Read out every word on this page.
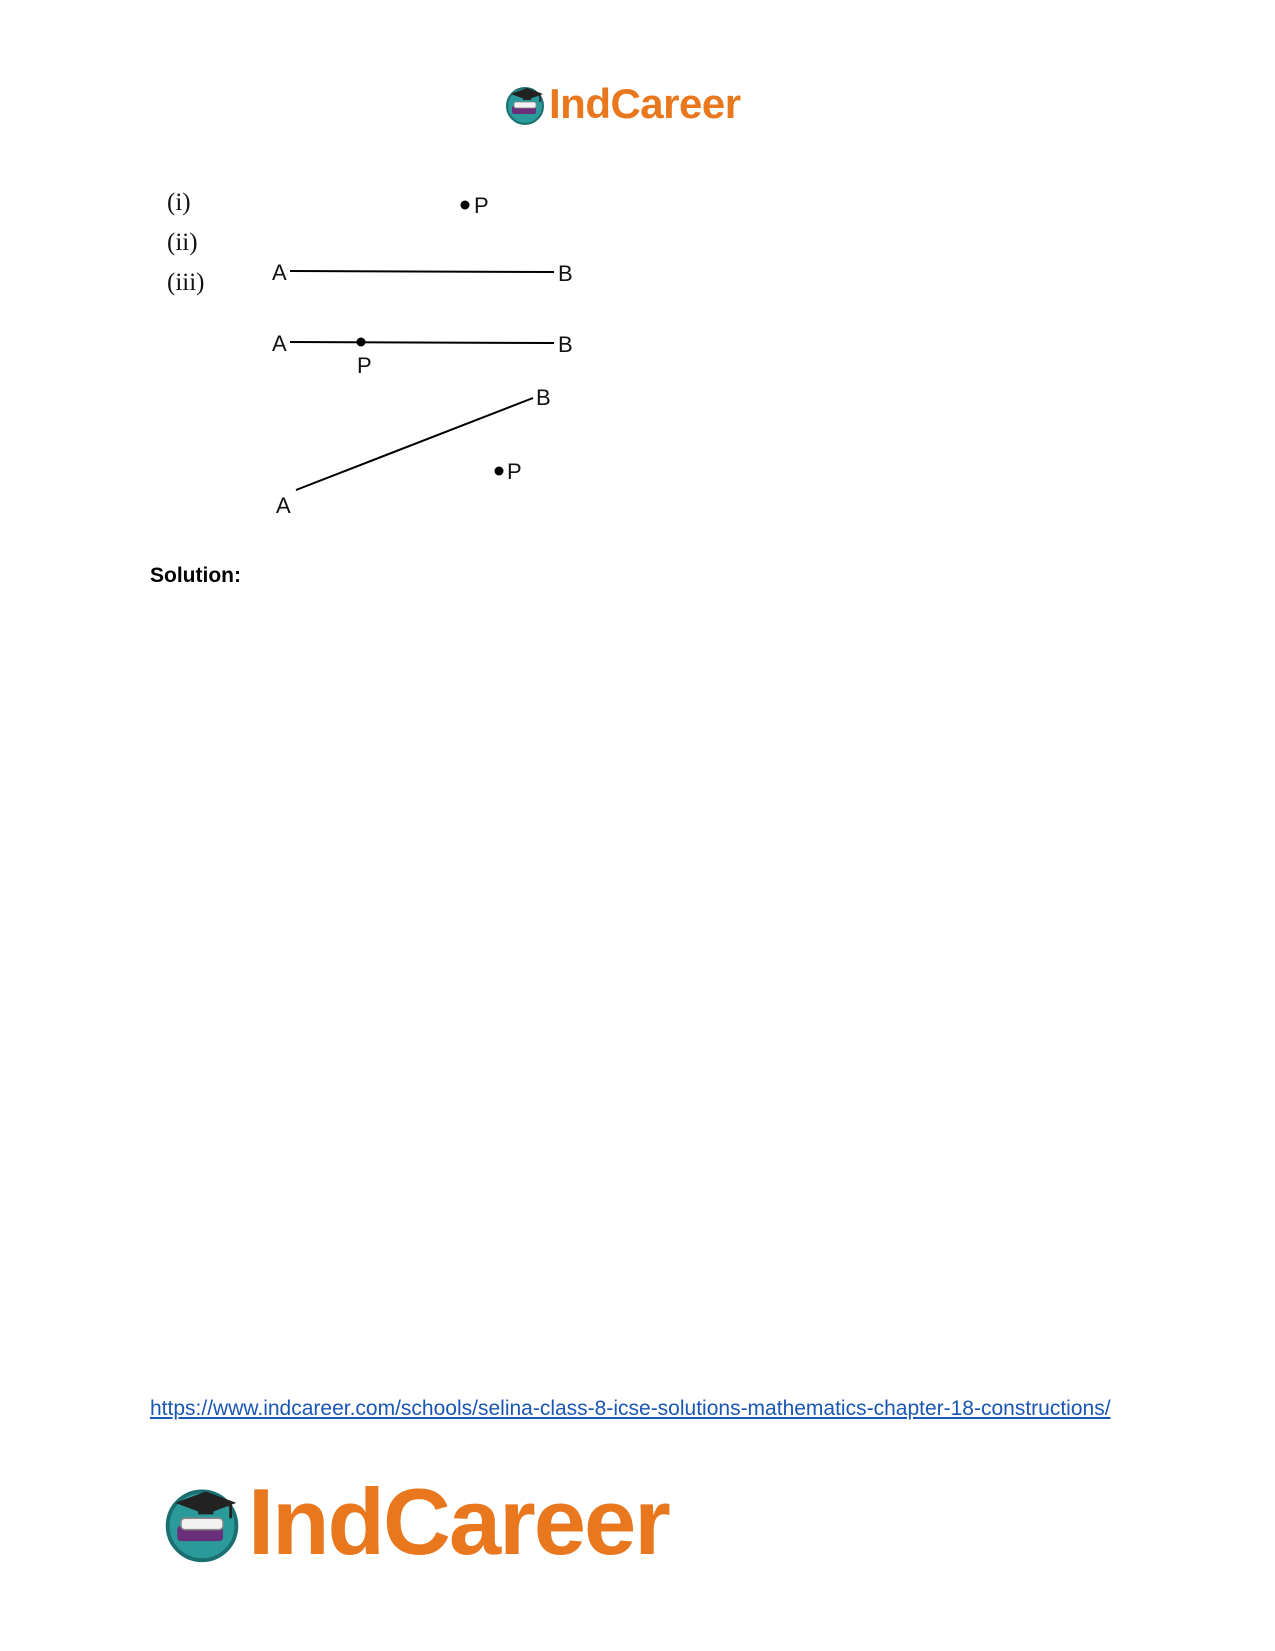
IndCareer
(i)
(ii)
(iii)
P
A	B
A
P
B
A
B
P
Solution:
https://www.indcareer.com/schools/selina-class-8-icse-solutions-mathematics-chapter-18-constructions/
IndCareer
